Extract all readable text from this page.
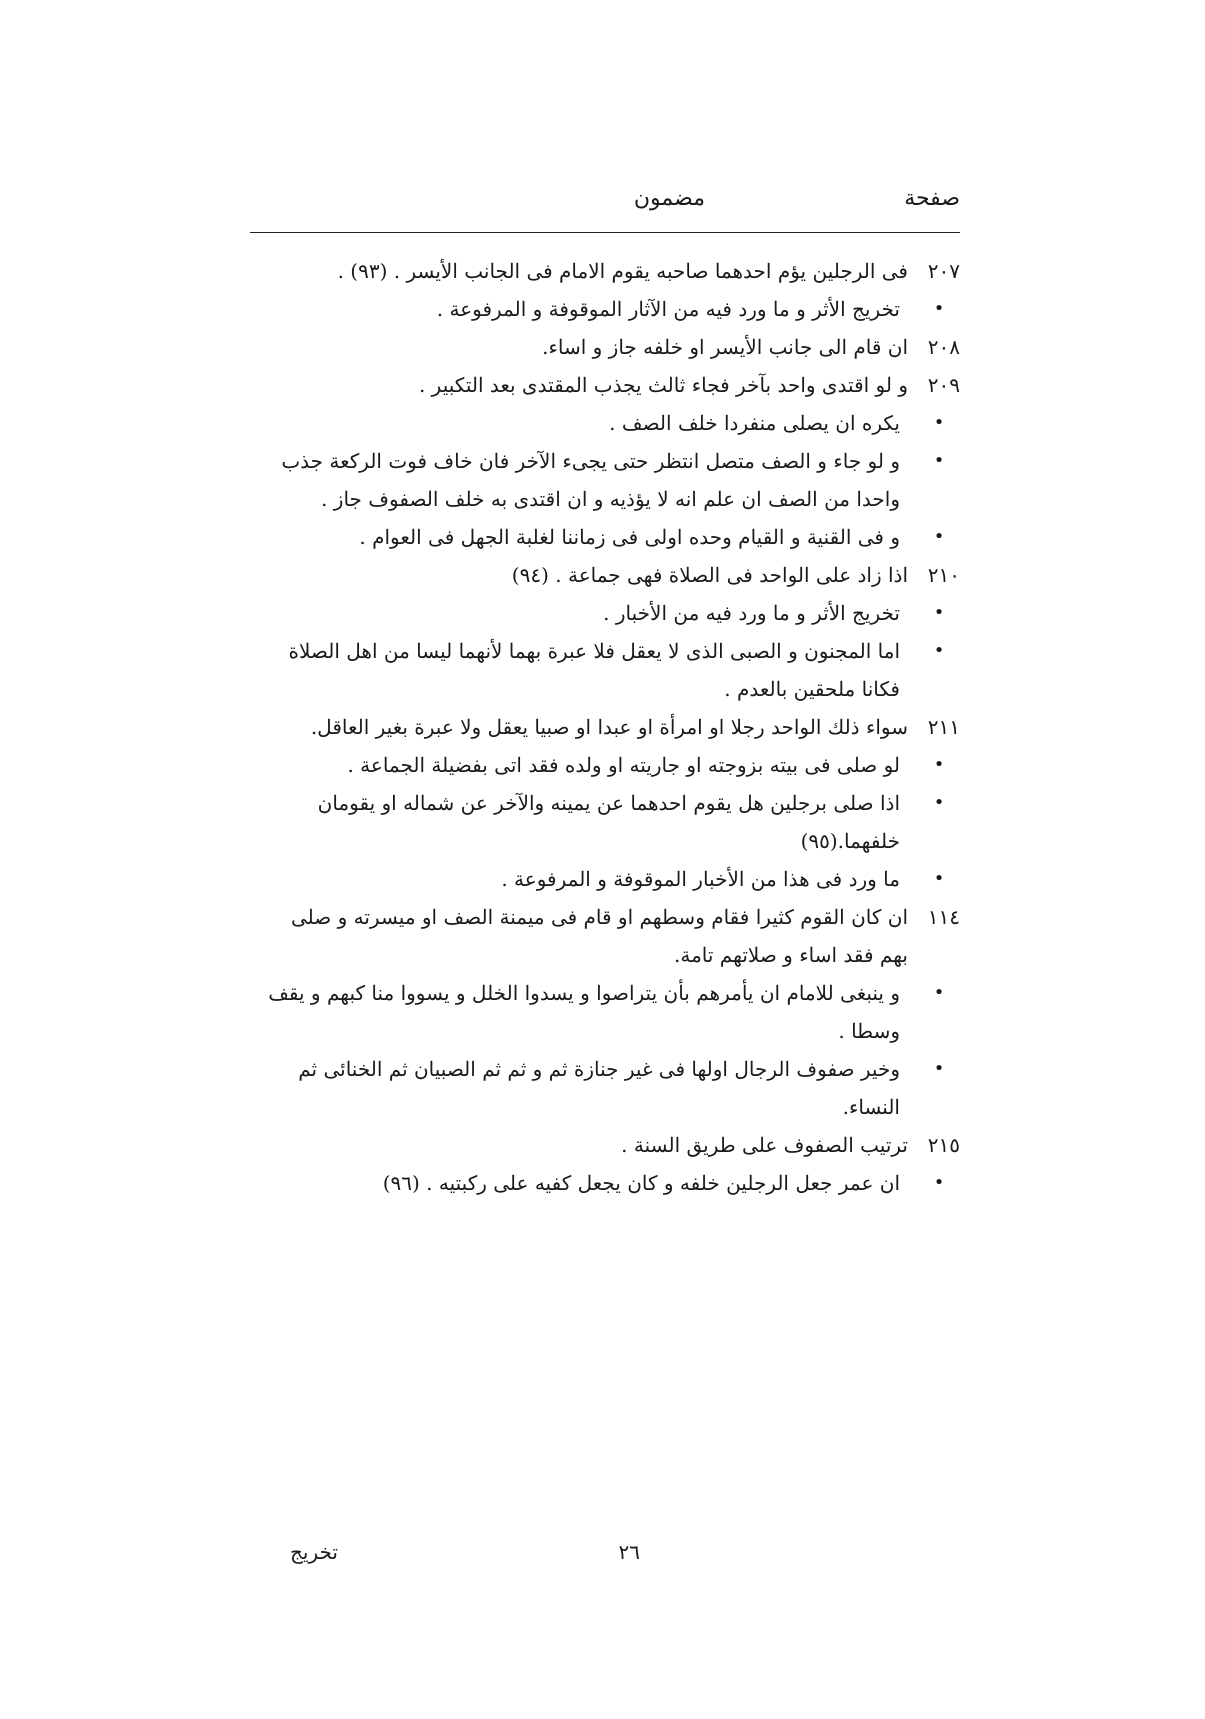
صفحة
مضمون
٢٠٧
فى الرجلين يؤم احدهما صاحبه يقوم الامام فى الجانب الأيسر . (٩٣) .
•
تخريج الأثر و ما ورد فيه من الآثار الموقوفة و المرفوعة .
٢٠٨
ان قام الى جانب الأيسر او خلفه جاز و اساء.
٢٠٩
و لو اقتدى واحد بآخر فجاء ثالث يجذب المقتدى بعد التكبير .
•
يكره ان يصلى منفردا خلف الصف .
•
و لو جاء و الصف متصل انتظر حتى يجىء الآخر فان خاف فوت الركعة جذب واحدا من الصف ان علم انه لا يؤذيه و ان اقتدى به خلف الصفوف جاز .
•
و فى القنية و القيام وحده اولى فى زماننا لغلبة الجهل فى العوام .
٢١٠
اذا زاد على الواحد فى الصلاة فهى جماعة . (٩٤)
•
تخريج الأثر و ما ورد فيه من الأخبار .
•
اما المجنون و الصبى الذى لا يعقل فلا عبرة بهما لأنهما ليسا من اهل الصلاة فكانا ملحقين بالعدم .
٢١١
سواء ذلك الواحد رجلا او امرأة او عبدا او صبيا يعقل ولا عبرة بغير العاقل.
•
لو صلى فى بيته بزوجته او جاريته او ولده فقد اتى بفضيلة الجماعة .
•
اذا صلى برجلين هل يقوم احدهما عن يمينه والآخر عن شماله او يقومان خلفهما.(٩٥)
•
ما ورد فى هذا من الأخبار الموقوفة و المرفوعة .
١١٤
ان كان القوم كثيرا فقام وسطهم او قام فى ميمنة الصف او ميسرته و صلى بهم فقد اساء و صلاتهم تامة.
•
و ينبغى للامام ان يأمرهم بأن يتراصوا و يسدوا الخلل و يسووا منا كبهم و يقف وسطا .
•
وخير صفوف الرجال اولها فى غير جنازة ثم و ثم ثم الصبيان ثم الخنائى ثم النساء.
٢١٥
ترتيب الصفوف على طريق السنة .
•
ان عمر جعل الرجلين خلفه و كان يجعل كفيه على ركبتيه . (٩٦)
٢٦
تخريج
